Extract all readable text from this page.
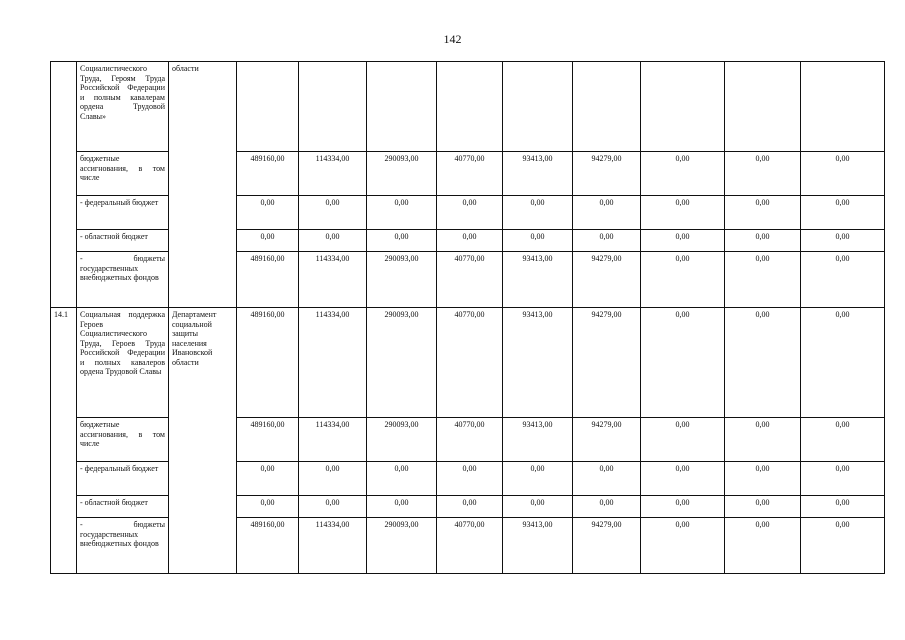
142
	Социалистического Труда, Героям Труда Российской Федерации и полным кавалерам ордена Трудовой Славы»	области									
	бюджетные ассигнования, в том числе		489160,00	114334,00	290093,00	40770,00	93413,00	94279,00	0,00	0,00	0,00
	- федеральный бюджет		0,00	0,00	0,00	0,00	0,00	0,00	0,00	0,00	0,00
	- областной бюджет		0,00	0,00	0,00	0,00	0,00	0,00	0,00	0,00	0,00
	- бюджеты государственных внебюджетных фондов		489160,00	114334,00	290093,00	40770,00	93413,00	94279,00	0,00	0,00	0,00
14.1	Социальная поддержка Героев Социалистического Труда, Героев Труда Российской Федерации и полных кавалеров ордена Трудовой Славы	Департамент социальной защиты населения Ивановской области	489160,00	114334,00	290093,00	40770,00	93413,00	94279,00	0,00	0,00	0,00
	бюджетные ассигнования, в том числе		489160,00	114334,00	290093,00	40770,00	93413,00	94279,00	0,00	0,00	0,00
	- федеральный бюджет		0,00	0,00	0,00	0,00	0,00	0,00	0,00	0,00	0,00
	- областной бюджет		0,00	0,00	0,00	0,00	0,00	0,00	0,00	0,00	0,00
	- бюджеты государственных внебюджетных фондов		489160,00	114334,00	290093,00	40770,00	93413,00	94279,00	0,00	0,00	0,00
